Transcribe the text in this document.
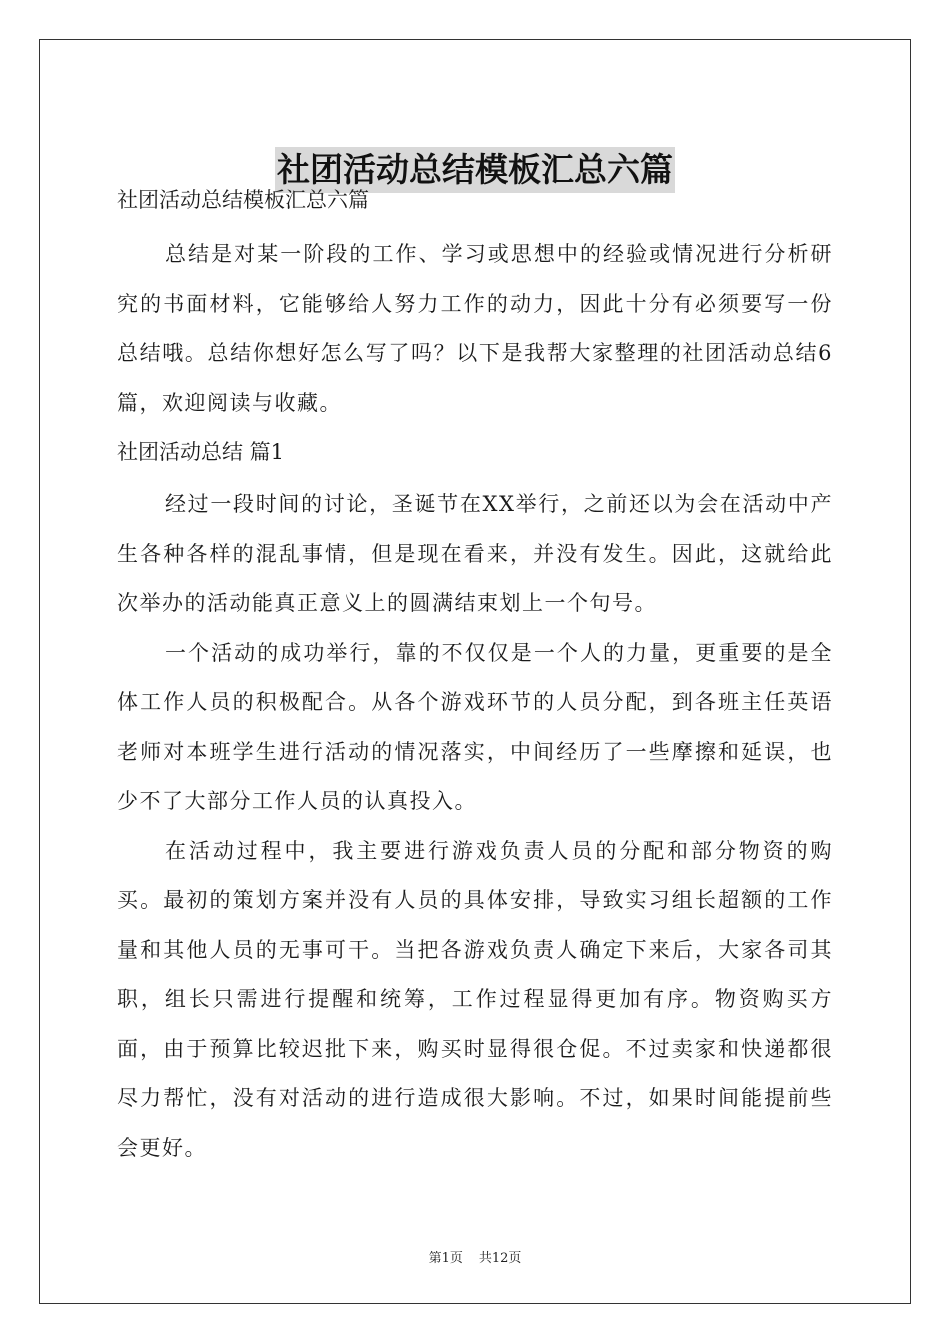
社团活动总结模板汇总六篇

社团活动总结模板汇总六篇

总结是对某一阶段的工作、学习或思想中的经验或情况进行分析研究的书面材料，它能够给人努力工作的动力，因此十分有必须要写一份总结哦。总结你想好怎么写了吗？以下是我帮大家整理的社团活动总结6篇，欢迎阅读与收藏。

社团活动总结 篇1

经过一段时间的讨论，圣诞节在XX举行，之前还以为会在活动中产生各种各样的混乱事情，但是现在看来，并没有发生。因此，这就给此次举办的活动能真正意义上的圆满结束划上一个句号。

一个活动的成功举行，靠的不仅仅是一个人的力量，更重要的是全体工作人员的积极配合。从各个游戏环节的人员分配，到各班主任英语老师对本班学生进行活动的情况落实，中间经历了一些摩擦和延误，也少不了大部分工作人员的认真投入。

在活动过程中，我主要进行游戏负责人员的分配和部分物资的购买。最初的策划方案并没有人员的具体安排，导致实习组长超额的工作量和其他人员的无事可干。当把各游戏负责人确定下来后，大家各司其职，组长只需进行提醒和统筹，工作过程显得更加有序。物资购买方面，由于预算比较迟批下来，购买时显得很仓促。不过卖家和快递都很尽力帮忙，没有对活动的进行造成很大影响。不过，如果时间能提前些会更好。

第1页 共12页
